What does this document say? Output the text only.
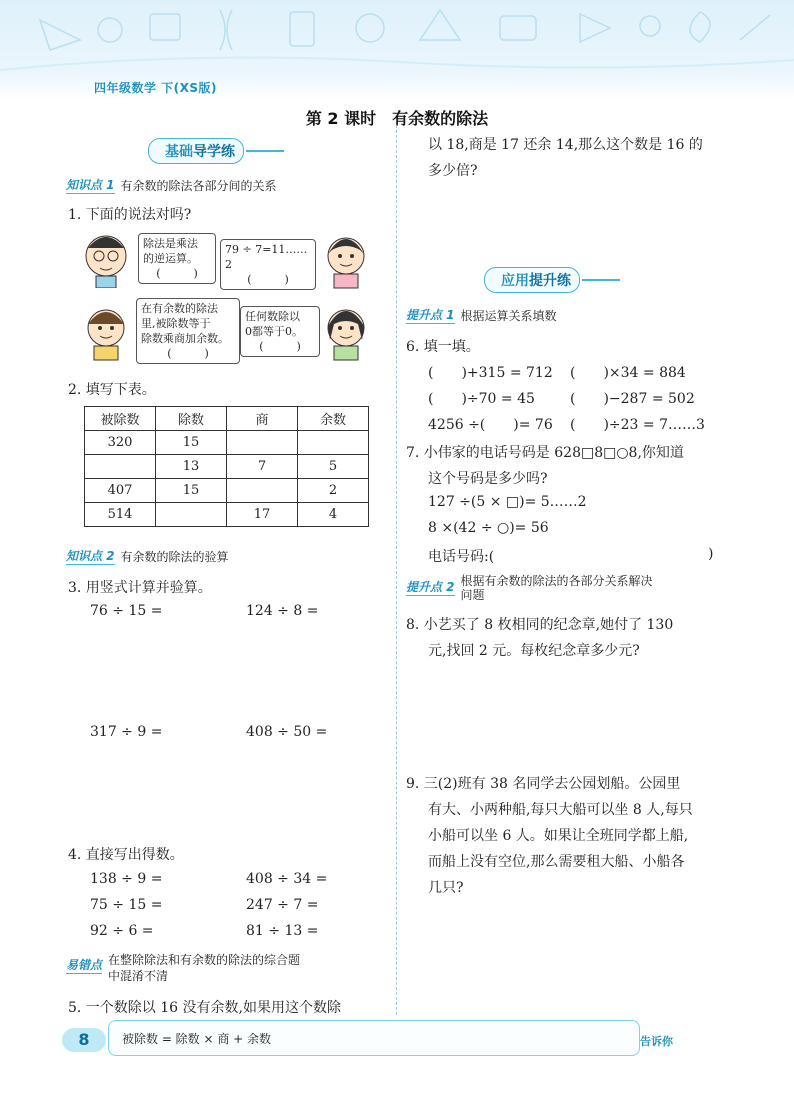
四年级数学 下(XS版)
第 2 课时　有余数的除法
基础导学练
知识点 1 有余数的除法各部分间的关系
1. 下面的说法对吗?
除法是乘法
的逆运算。
(　　　)
79 ÷ 7=11……2
(　　　)
在有余数的除法
里,被除数等于
除数乘商加余数。
(　　　)
任何数除以
0都等于0。
(　　　)
2. 填写下表。
被除数	除数	商	余数
320	15		
	13	7	5
407	15		2
514		17	4
知识点 2 有余数的除法的验算
3. 用竖式计算并验算。
76 ÷ 15 =	124 ÷ 8 =
317 ÷ 9 =	408 ÷ 50 =
4. 直接写出得数。
138 ÷ 9 =	408 ÷ 34 =
75 ÷ 15 =	247 ÷ 7 =
92 ÷ 6 =	81 ÷ 13 =
易错点 在整除除法和有余数的除法的综合题
中混淆不清
5. 一个数除以 16 没有余数,如果用这个数除
以 18,商是 17 还余 14,那么这个数是 16 的
多少倍?
应用提升练
提升点 1 根据运算关系填数
6. 填一填。
(　　)+315 = 712 (　　)×34 = 884
(　　)÷70 = 45	(　　)−287 = 502
4256 ÷(　　)= 76 (　　)÷23 = 7……3
7. 小伟家的电话号码是 628□8□○8,你知道
这个号码是多少吗?
127 ÷(5 × □)= 5……2
8 ×(42 ÷ ○)= 56
电话号码:(	)
提升点 2 根据有余数的除法的各部分关系解决
问题
8. 小艺买了 8 枚相同的纪念章,她付了 130
元,找回 2 元。每枚纪念章多少元?
9. 三(2)班有 38 名同学去公园划船。公园里
有大、小两种船,每只大船可以坐 8 人,每只
小船可以坐 6 人。如果让全班同学都上船,
而船上没有空位,那么需要租大船、小船各
几只?
8	被除数 = 除数 × 商 + 余数	告诉你
